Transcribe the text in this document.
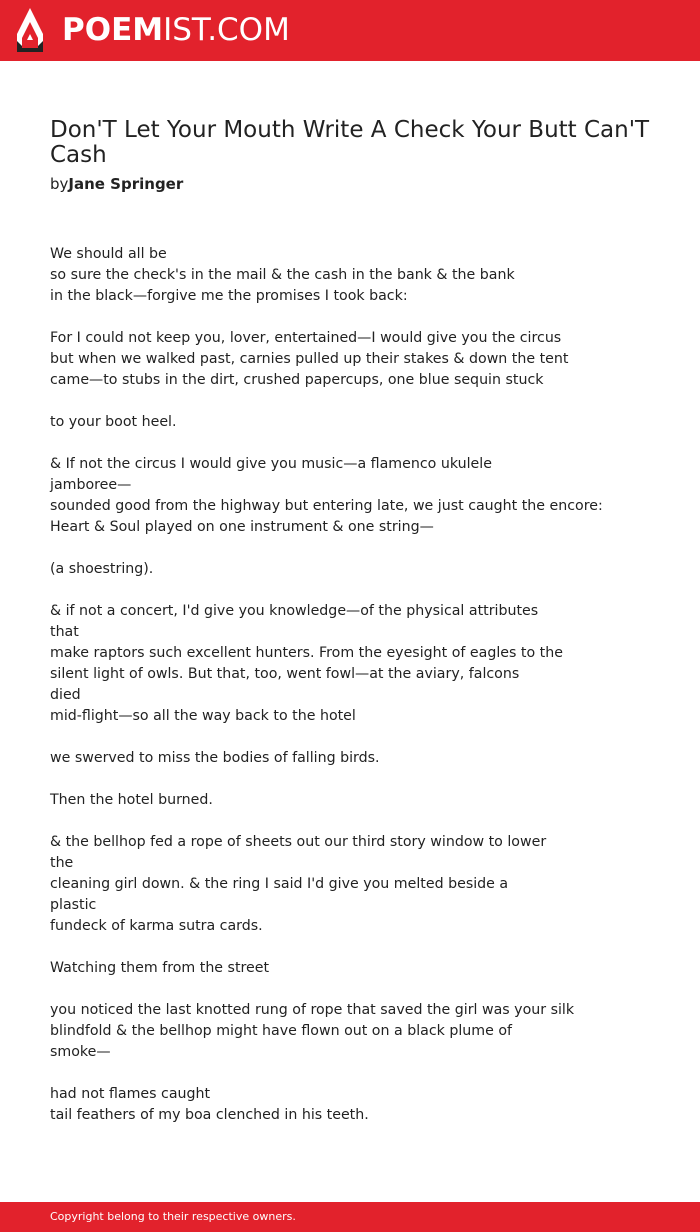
POEMIST.COM
Don'T Let Your Mouth Write A Check Your Butt Can'T Cash
byJane Springer
We should all be
so sure the check's in the mail & the cash in the bank & the bank
in the black—forgive me the promises I took back:
For I could not keep you, lover, entertained—I would give you the circus
but when we walked past, carnies pulled up their stakes & down the tent
came—to stubs in the dirt, crushed papercups, one blue sequin stuck
to your boot heel.
& If not the circus I would give you music—a flamenco ukulele
jamboree—
sounded good from the highway but entering late, we just caught the encore:
Heart & Soul played on one instrument & one string—
(a shoestring).
& if not a concert, I'd give you knowledge—of the physical attributes
that
make raptors such excellent hunters. From the eyesight of eagles to the
silent light of owls. But that, too, went fowl—at the aviary, falcons
died
mid-flight—so all the way back to the hotel
we swerved to miss the bodies of falling birds.
Then the hotel burned.
& the bellhop fed a rope of sheets out our third story window to lower
the
cleaning girl down. & the ring I said I'd give you melted beside a
plastic
fundeck of karma sutra cards.
Watching them from the street
you noticed the last knotted rung of rope that saved the girl was your silk
blindfold & the bellhop might have flown out on a black plume of
smoke—
had not flames caught
tail feathers of my boa clenched in his teeth.
Copyright belong to their respective owners.
